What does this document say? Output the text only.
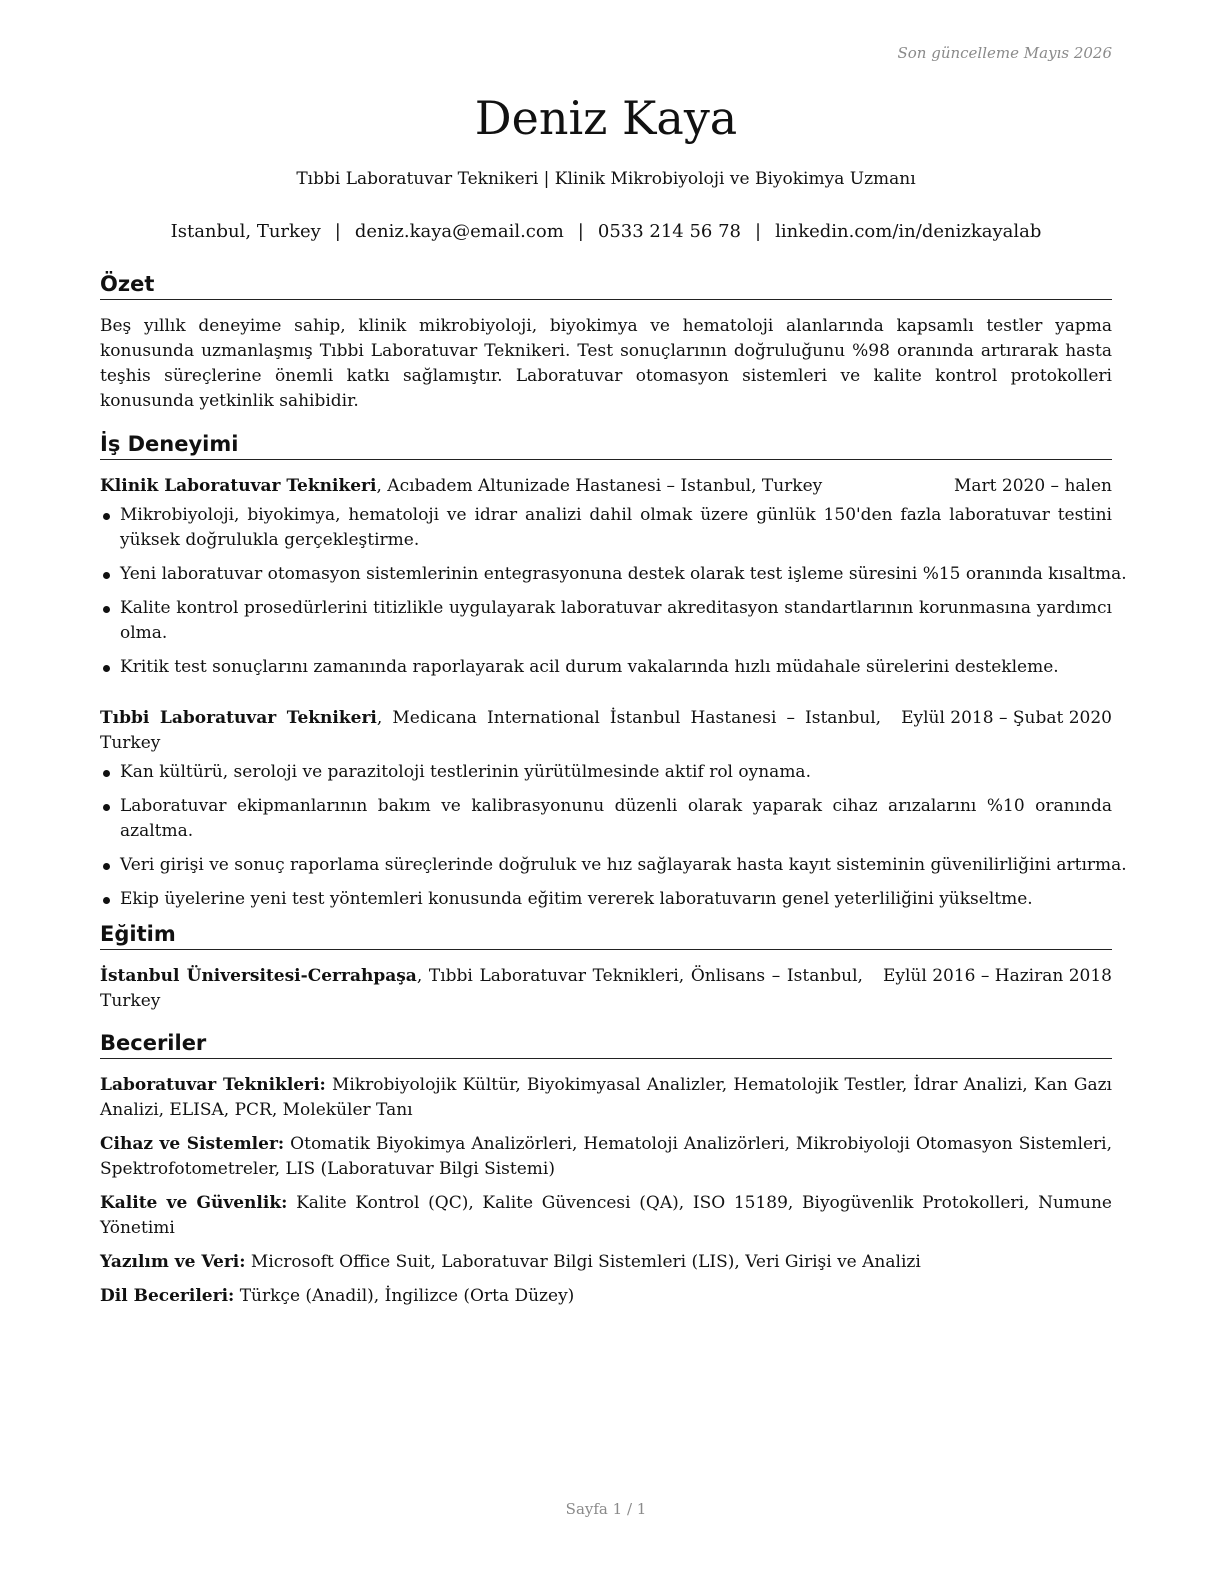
Son güncelleme Mayıs 2026
Deniz Kaya
Tıbbi Laboratuvar Teknikeri | Klinik Mikrobiyoloji ve Biyokimya Uzmanı
Istanbul, Turkey | deniz.kaya@email.com | 0533 214 56 78 | linkedin.com/in/denizkayalab
Özet

Beş yıllık deneyime sahip, klinik mikrobiyoloji, biyokimya ve hematoloji alanlarında kapsamlı testler yapma konusunda uzmanlaşmış Tıbbi Laboratuvar Teknikeri. Test sonuçlarının doğruluğunu %98 oranında artırarak hasta teşhis süreçlerine önemli katkı sağlamıştır. Laboratuvar otomasyon sistemleri ve kalite kontrol protokolleri konusunda yetkinlik sahibidir.

İş Deneyimi
Klinik Laboratuvar Teknikeri, Acıbadem Altunizade Hastanesi – Istanbul, Turkey	Mart 2020 – halen
Mikrobiyoloji, biyokimya, hematoloji ve idrar analizi dahil olmak üzere günlük 150'den fazla laboratuvar testini yüksek doğrulukla gerçekleştirme.
Yeni laboratuvar otomasyon sistemlerinin entegrasyonuna destek olarak test işleme süresini %15 oranında kısaltma.
Kalite kontrol prosedürlerini titizlikle uygulayarak laboratuvar akreditasyon standartlarının korunmasına yardımcı olma.
Kritik test sonuçlarını zamanında raporlayarak acil durum vakalarında hızlı müdahale sürelerini destekleme.
Tıbbi Laboratuvar Teknikeri, Medicana International İstanbul Hastanesi – Istanbul, Turkey
Eylül 2018 – Şubat 2020
Kan kültürü, seroloji ve parazitoloji testlerinin yürütülmesinde aktif rol oynama.
Laboratuvar ekipmanlarının bakım ve kalibrasyonunu düzenli olarak yaparak cihaz arızalarını %10 oranında azaltma.
Veri girişi ve sonuç raporlama süreçlerinde doğruluk ve hız sağlayarak hasta kayıt sisteminin güvenilirliğini artırma.
Ekip üyelerine yeni test yöntemleri konusunda eğitim vererek laboratuvarın genel yeterliliğini yükseltme.
Eğitim
İstanbul Üniversitesi-Cerrahpaşa, Tıbbi Laboratuvar Teknikleri, Önlisans – Istanbul, Turkey
Eylül 2016 – Haziran 2018
Beceriler

Laboratuvar Teknikleri: Mikrobiyolojik Kültür, Biyokimyasal Analizler, Hematolojik Testler, İdrar Analizi, Kan Gazı Analizi, ELISA, PCR, Moleküler Tanı

Cihaz ve Sistemler: Otomatik Biyokimya Analizörleri, Hematoloji Analizörleri, Mikrobiyoloji Otomasyon Sistemleri, Spektrofotometreler, LIS (Laboratuvar Bilgi Sistemi)

Kalite ve Güvenlik: Kalite Kontrol (QC), Kalite Güvencesi (QA), ISO 15189, Biyogüvenlik Protokolleri, Numune Yönetimi

Yazılım ve Veri: Microsoft Office Suit, Laboratuvar Bilgi Sistemleri (LIS), Veri Girişi ve Analizi

Dil Becerileri: Türkçe (Anadil), İngilizce (Orta Düzey)

Sayfa 1 / 1
